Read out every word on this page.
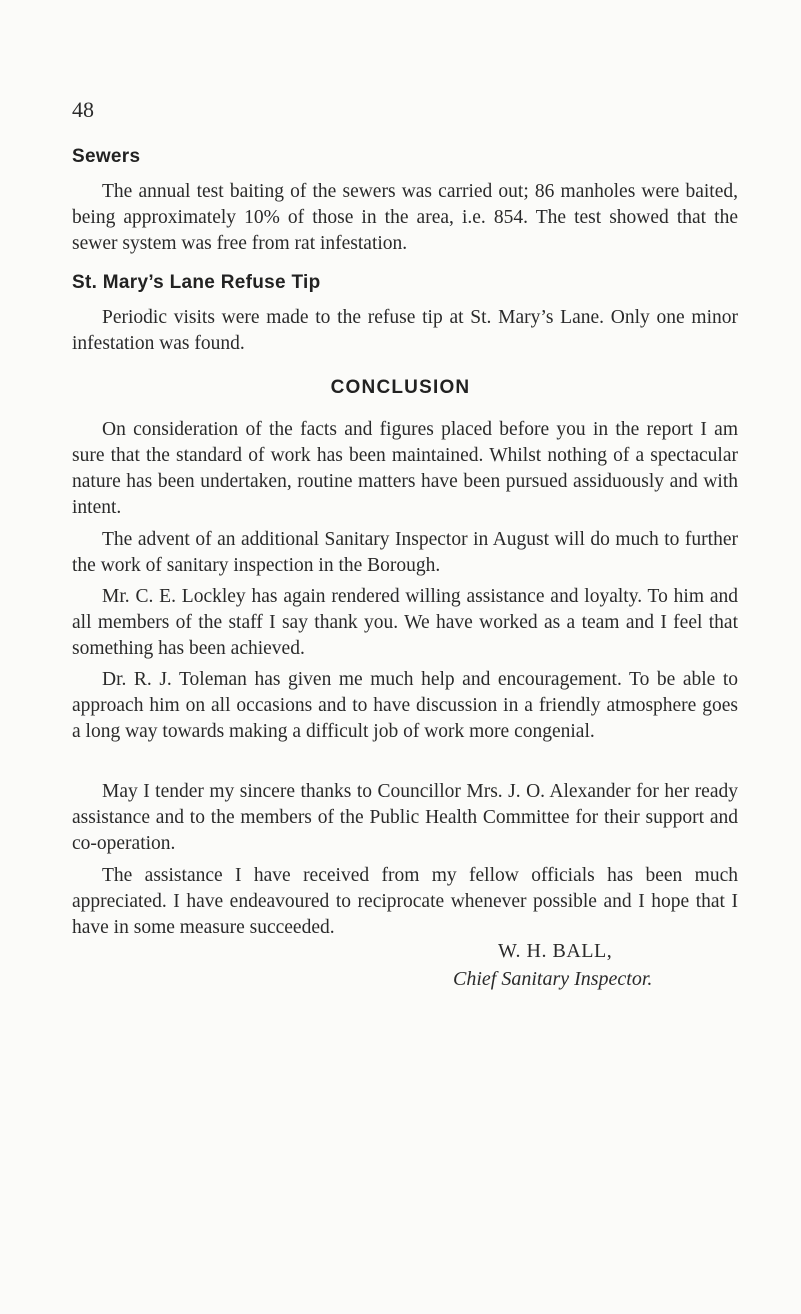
48
Sewers

The annual test baiting of the sewers was carried out; 86 manholes were baited, being approximately 10% of those in the area, i.e. 854. The test showed that the sewer system was free from rat infestation.

St. Mary’s Lane Refuse Tip

Periodic visits were made to the refuse tip at St. Mary’s Lane. Only one minor infestation was found.

CONCLUSION

On consideration of the facts and figures placed before you in the report I am sure that the standard of work has been maintained. Whilst nothing of a spectacular nature has been undertaken, routine matters have been pursued assiduously and with intent.

The advent of an additional Sanitary Inspector in August will do much to further the work of sanitary inspection in the Borough.

Mr. C. E. Lockley has again rendered willing assistance and loyalty. To him and all members of the staff I say thank you. We have worked as a team and I feel that something has been achieved.

Dr. R. J. Toleman has given me much help and encouragement. To be able to approach him on all occasions and to have discussion in a friendly atmosphere goes a long way towards making a difficult job of work more congenial.

May I tender my sincere thanks to Councillor Mrs. J. O. Alexander for her ready assistance and to the members of the Public Health Committee for their support and co-operation.

The assistance I have received from my fellow officials has been much appreciated. I have endeavoured to reciprocate whenever possible and I hope that I have in some measure succeeded.

W. H. BALL,
Chief Sanitary Inspector.
